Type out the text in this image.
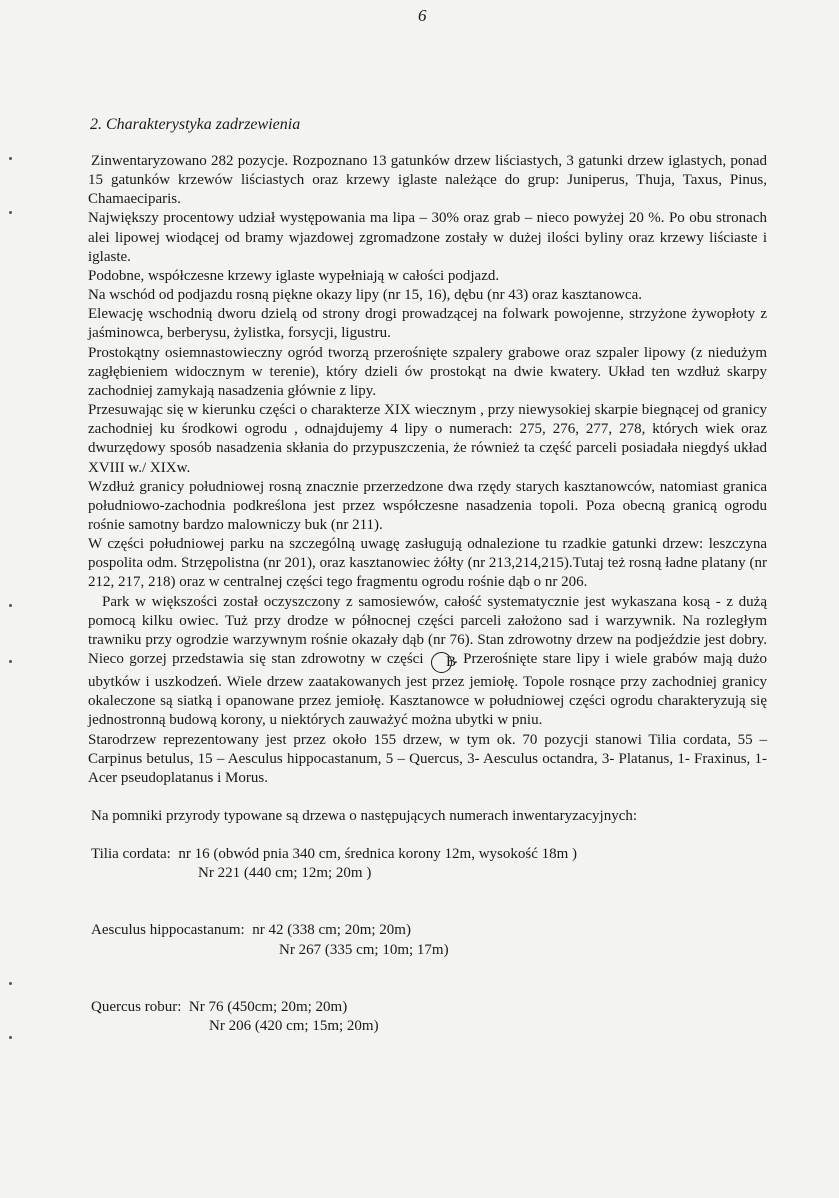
6
2. Charakterystyka zadrzewienia

Zinwentaryzowano 282 pozycje. Rozpoznano 13 gatunków drzew liściastych, 3 gatunki drzew iglastych, ponad 15 gatunków krzewów liściastych oraz krzewy iglaste należące do grup: Juniperus, Thuja, Taxus, Pinus, Chamaeciparis.

Największy procentowy udział występowania ma lipa – 30% oraz grab – nieco powyżej 20 %. Po obu stronach alei lipowej wiodącej od bramy wjazdowej zgromadzone zostały w dużej ilości byliny oraz krzewy liściaste i iglaste.

Podobne, współczesne krzewy iglaste wypełniają w całości podjazd.

Na wschód od podjazdu rosną piękne okazy lipy (nr 15, 16), dębu (nr 43) oraz kasztanowca.

Elewację wschodnią dworu dzielą od strony drogi prowadzącej na folwark powojenne, strzyżone żywopłoty z jaśminowca, berberysu, żylistka, forsycji, ligustru.

Prostokątny osiemnastowieczny ogród tworzą przerośnięte szpalery grabowe oraz szpaler lipowy (z niedużym zagłębieniem widocznym w terenie), który dzieli ów prostokąt na dwie kwatery. Układ ten wzdłuż skarpy zachodniej zamykają nasadzenia głównie z lipy.

Przesuwając się w kierunku części o charakterze XIX wiecznym , przy niewysokiej skarpie biegnącej od granicy zachodniej ku środkowi ogrodu , odnajdujemy 4 lipy o numerach: 275, 276, 277, 278, których wiek oraz dwurzędowy sposób nasadzenia skłania do przypuszczenia, że również ta część parceli posiadała niegdyś układ XVIII w./ XIXw.

Wzdłuż granicy południowej rosną znacznie przerzedzone dwa rzędy starych kasztanowców, natomiast granica południowo-zachodnia podkreślona jest przez współczesne nasadzenia topoli. Poza obecną granicą ogrodu rośnie samotny bardzo malowniczy buk (nr 211).

W części południowej parku na szczególną uwagę zasługują odnalezione tu rzadkie gatunki drzew: leszczyna pospolita odm. Strzępolistna (nr 201), oraz kasztanowiec żółty (nr 213,214,215).Tutaj też rosną ładne platany (nr 212, 217, 218) oraz w centralnej części tego fragmentu ogrodu rośnie dąb o nr 206.

Park w większości został oczyszczony z samosiewów, całość systematycznie jest wykaszana kosą - z dużą pomocą kilku owiec. Tuż przy drodze w północnej części parceli założono sad i warzywnik. Na rozległym trawniku przy ogrodzie warzywnym rośnie okazały dąb (nr 76). Stan zdrowotny drzew na podjeździe jest dobry. Nieco gorzej przedstawia się stan zdrowotny w części B. Przerośnięte stare lipy i wiele grabów mają dużo ubytków i uszkodzeń. Wiele drzew zaatakowanych jest przez jemiołę. Topole rosnące przy zachodniej granicy okaleczone są siatką i opanowane przez jemiołę. Kasztanowce w południowej części ogrodu charakteryzują się jednostronną budową korony, u niektórych zauważyć można ubytki w pniu.

Starodrzew reprezentowany jest przez około 155 drzew, w tym ok. 70 pozycji stanowi Tilia cordata, 55 – Carpinus betulus, 15 – Aesculus hippocastanum, 5 – Quercus, 3- Aesculus octandra, 3- Platanus, 1- Fraxinus, 1- Acer pseudoplatanus i Morus.

Na pomniki przyrody typowane są drzewa o następujących numerach inwentaryzacyjnych:

Tilia cordata: nr 16 (obwód pnia 340 cm, średnica korony 12m, wysokość 18m )

Nr 221 (440 cm; 12m; 20m )

Aesculus hippocastanum: nr 42 (338 cm; 20m; 20m)

Nr 267 (335 cm; 10m; 17m)

Quercus robur: Nr 76 (450cm; 20m; 20m)

Nr 206 (420 cm; 15m; 20m)
